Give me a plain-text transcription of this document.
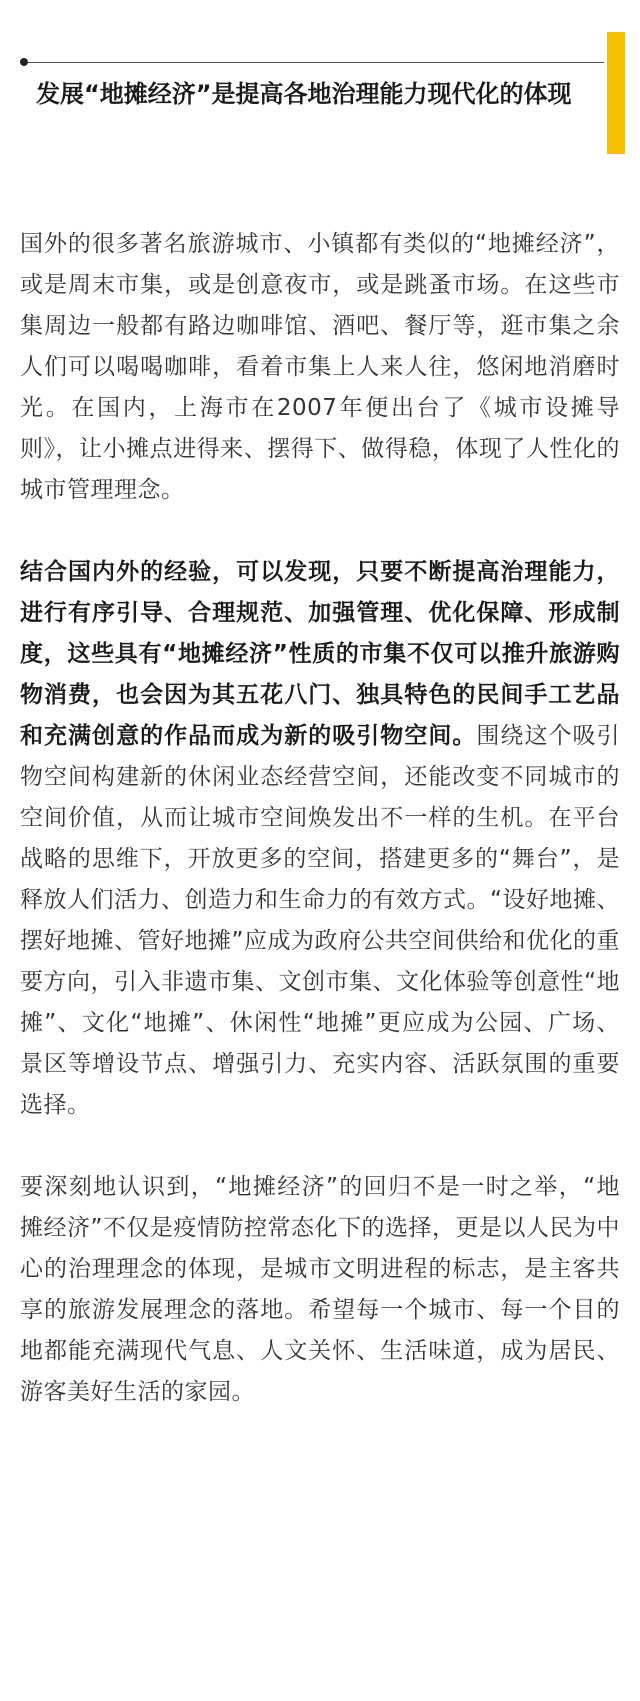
发展“地摊经济”是提高各地治理能力现代化的体现

国外的很多著名旅游城市、小镇都有类似的“地摊经济”，或是周末市集，或是创意夜市，或是跳蚤市场。在这些市集周边一般都有路边咖啡馆、酒吧、餐厅等，逛市集之余人们可以喝喝咖啡，看着市集上人来人往，悠闲地消磨时光。在国内，上海市在2007年便出台了《城市设摊导则》，让小摊点进得来、摆得下、做得稳，体现了人性化的城市管理理念。

结合国内外的经验，可以发现，只要不断提高治理能力，进行有序引导、合理规范、加强管理、优化保障、形成制度，这些具有“地摊经济”性质的市集不仅可以推升旅游购物消费，也会因为其五花八门、独具特色的民间手工艺品和充满创意的作品而成为新的吸引物空间。围绕这个吸引物空间构建新的休闲业态经营空间，还能改变不同城市的空间价值，从而让城市空间焕发出不一样的生机。在平台战略的思维下，开放更多的空间，搭建更多的“舞台”，是释放人们活力、创造力和生命力的有效方式。“设好地摊、摆好地摊、管好地摊”应成为政府公共空间供给和优化的重要方向，引入非遗市集、文创市集、文化体验等创意性“地摊”、文化“地摊”、休闲性“地摊”更应成为公园、广场、景区等增设节点、增强引力、充实内容、活跃氛围的重要选择。

要深刻地认识到，“地摊经济”的回归不是一时之举，“地摊经济”不仅是疫情防控常态化下的选择，更是以人民为中心的治理理念的体现，是城市文明进程的标志，是主客共享的旅游发展理念的落地。希望每一个城市、每一个目的地都能充满现代气息、人文关怀、生活味道，成为居民、游客美好生活的家园。
